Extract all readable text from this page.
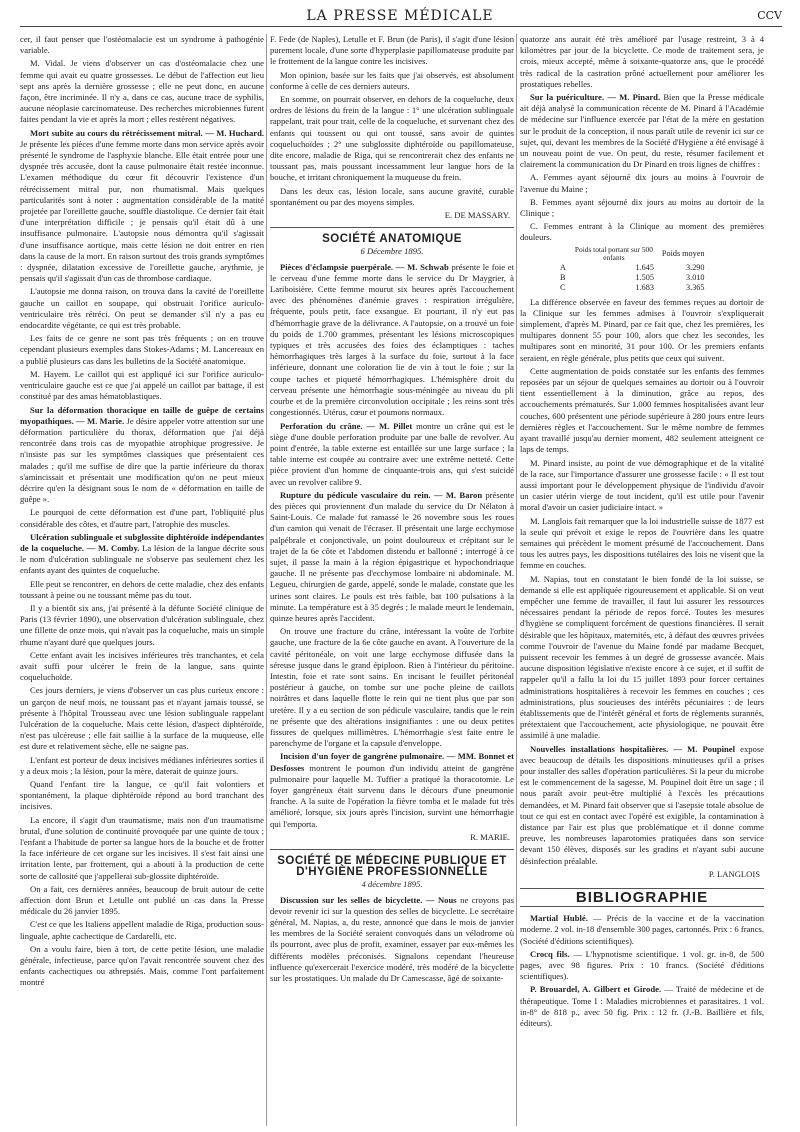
LA PRESSE MÉDICALE	CCV

cer, il faut penser que l'ostéomalacie est un syndrome à pathogénie variable.

M. Vidal. Je viens d'observer un cas d'ostéomalacie chez une femme qui avait eu quatre grossesses. Le début de l'affection eut lieu sept ans après la dernière grossesse ; elle ne peut donc, en aucune façon, être incriminée. Il n'y a, dans ce cas, aucune trace de syphilis, aucune néoplasie carcinomateuse. Des recherches microbiennes furent faites pendant la vie et après la mort ; elles restèrent négatives.

Mort subite au cours du rétrécissement mitral. — M. Huchard. Je présente les pièces d'une femme morte dans mon service après avoir présenté le syndrome de l'asphyxie blanche. Elle était entrée pour une dyspnée très accusée, dont la cause pulmonaire était restée inconnue. L'examen méthodique du cœur fit découvrir l'existence d'un rétrécissement mitral pur, non rhumatismal. Mais quelques particularités sont à noter : augmentation considérable de la matité projetée par l'oreillette gauche, souffle diastolique. Ce dernier fait était d'une interprétation difficile ; je pensais qu'il était dû à une insuffisance pulmonaire. L'autopsie nous démontra qu'il s'agissait d'une insuffisance aortique, mais cette lésion ne doit entrer en rien dans la cause de la mort. En raison surtout des trois grands symptômes : dyspnée, dilatation excessive de l'oreillette gauche, arythmie, je pensais qu'il s'agissait d'un cas de thrombose cardiaque.

L'autopsie me donna raison, on trouva dans la cavité de l'oreillette gauche un caillot en soupape, qui obstruait l'orifice auriculo-ventriculaire très rétréci. On peut se demander s'il n'y a pas eu endocardite végétante, ce qui est très probable.

Les faits de ce genre ne sont pas très fréquents ; on en trouve cependant plusieurs exemples dans Stokes-Adams ; M. Lancereaux en a publié plusieurs cas dans les bulletins de la Société anatomique.

M. Hayem. Le caillot qui est appliqué ici sur l'orifice auriculo-ventriculaire gauche est ce que j'ai appelé un caillot par battage, il est constitué par des amas hématoblastiques.

Sur la déformation thoracique en taille de guêpe de certains myopathiques. — M. Marie. Je désire appeler votre attention sur une déformation particulière du thorax, déformation que j'ai déjà rencontrée dans trois cas de myopathie atrophique progressive. Je n'insiste pas sur les symptômes classiques que présentaient ces malades ; qu'il me suffise de dire que la partie inférieure du thorax s'amincissait et présentait une modification qu'on ne peut mieux décrire qu'en la désignant sous le nom de « déformation en taille de guêpe ».

Le pourquoi de cette déformation est d'une part, l'obliquité plus considérable des côtes, et d'autre part, l'atrophie des muscles.

Ulcération sublinguale et subglossite diphtéroïde indépendantes de la coqueluche. — M. Comby. La lésion de la langue décrite sous le nom d'ulcération sublinguale ne s'observe pas seulement chez les enfants ayant des quintes de coqueluche.

Elle peut se rencontrer, en dehors de cette maladie, chez des enfants toussant à peine ou ne toussant même pas du tout.

Il y a bientôt six ans, j'ai présenté à la défunte Société clinique de Paris (13 février 1890), une observation d'ulcération sublinguale, chez une fillette de onze mois, qui n'avait pas la coqueluche, mais un simple rhume n'ayant duré que quelques jours.

Cette enfant avait les incisives inférieures très tranchantes, et cela avait suffi pour ulcérer le frein de la langue, sans quinte coqueluchoïde.

Ces jours derniers, je viens d'observer un cas plus curieux encore : un garçon de neuf mois, ne toussant pas et n'ayant jamais toussé, se présente à l'hôpital Trousseau avec une lésion sublinguale rappelant l'ulcération de la coqueluche. Mais cette lésion, d'aspect diphtéroïde, n'est pas ulcéreuse ; elle fait saillie à la surface de la muqueuse, elle est dure et relativement sèche, elle ne saigne pas.

L'enfant est porteur de deux incisives médianes inférieures sorties il y a deux mois ; la lésion, pour la mère, daterait de quinze jours.

Quand l'enfant tire la langue, ce qu'il fait volontiers et spontanément, la plaque diphtéroïde répond au bord tranchant des incisives.

La encore, il s'agit d'un traumatisme, mais non d'un traumatisme brutal, d'une solution de continuité provoquée par une quinte de toux ; l'enfant a l'habitude de porter sa langue hors de la bouche et de frotter la face inférieure de cet organe sur les incisives. Il s'est fait ainsi une irritation lente, par frottement, qui a abouti à la production de cette sorte de callosité que j'appellerai sub-glossite diphtéroïde.

On a fait, ces dernières années, beaucoup de bruit autour de cette affection dont Brun et Letulle ont publié un cas dans la Presse médicale du 26 janvier 1895.

C'est ce que les Italiens appellent maladie de Riga, production sous-linguale, aphte cachectique de Cardarelli, etc.

On a voulu faire, bien à tort, de cette petite lésion, une maladie générale, infectieuse, parce qu'on l'avait rencontrée souvent chez des enfants cachectiques ou athrepsiés. Mais, comme l'ont parfaitement montré

F. Fede (de Naples), Letulle et F. Brun (de Paris), il s'agit d'une lésion purement locale, d'une sorte d'hyperplasie papillomateuse produite par le frottement de la langue contre les incisives.

Mon opinion, basée sur les faits que j'ai observés, est absolument conforme à celle de ces derniers auteurs.

En somme, on pourrait observer, en dehors de la coqueluche, deux ordres de lésions du frein de la langue : 1° une ulcération sublinguale rappelant, trait pour trait, celle de la coqueluche, et survenant chez des enfants qui toussent ou qui ont toussé, sans avoir de quintes coqueluchoïdes ; 2° une subglossite diphtéroïde ou papillomateuse, dite encore, maladie de Riga, qui se rencontrerait chez des enfants ne toussant pas, mais poussant incessamment leur langue hors de la bouche, et irritant chroniquement la muqueuse du frein.

Dans les deux cas, lésion locale, sans aucune gravité, curable spontanément ou par des moyens simples.

E. DE MASSARY.
SOCIÉTÉ ANATOMIQUE
6 Décembre 1895.

Pièces d'éclampsie puerpérale. — M. Schwab présente le foie et le cerveau d'une femme morte dans le service du Dr Maygrier, à Lariboisière. Cette femme mourut six heures après l'accouchement avec des phénomènes d'anémie graves : respiration irrégulière, fréquente, pouls petit, face exsangue. Et pourtant, il n'y eut pas d'hémorrhagie grave de la délivrance. A l'autopsie, on a trouvé un foie du poids de 1.700 grammes, présentant les lésions microscopiques typiques et très accusées des foies des éclamptiques : taches hémorrhagiques très larges à la surface du foie, surtout à la face inférieure, donnant une coloration lie de vin à tout le foie ; sur la coupe taches et piqueté hémorrhagiques. L'hémisphère droit du cerveau présente une hémorrhagie sous-méningée au niveau du pli courbe et de la première circonvolution occipitale ; les reins sont très congestionnés. Utérus, cœur et poumons normaux.

Perforation du crâne. — M. Pillet montre un crâne qui est le siège d'une double perforation produite par une balle de revolver. Au point d'entrée, la table externe est entaillée sur une large surface ; la table interne est coupée au contraire avec une extrême netteté. Cette pièce provient d'un homme de cinquante-trois ans, qui s'est suicidé avec un revolver calibre 9.

Rupture du pédicule vasculaire du rein. — M. Baron présente des pièces qui proviennent d'un malade du service du Dr Nélaton à Saint-Louis. Ce malade fut ramassé le 26 novembre sous les roues d'un camion qui venait de l'écraser. Il présentait une large ecchymose palpébrale et conjonctivale, un point douloureux et crépitant sur le trajet de la 6e côte et l'abdomen distendu et ballonné ; interrogé à ce sujet, il passe la main à la région épigastrique et hypochondriaque gauche. Il ne présente pas d'ecchymose lombaire ni abdominale. M. Legueu, chirurgien de garde, appelé, sonde le malade, constate que les urines sont claires. Le pouls est très faible, bat 100 pulsations à la minute. La température est à 35 degrés ; le malade meurt le lendemain, quinze heures après l'accident.

On trouve une fracture du crâne, intéressant la voûte de l'orbite gauche, une fracture de la 6e côte gauche en avant. A l'ouverture de la cavité péritonéale, on voit une large ecchymose diffusée dans la séreuse jusque dans le grand épiploon. Rien à l'intérieur du péritoine. Intestin, foie et rate sont sains. En incisant le feuillet péritonéal postérieur à gauche, on tombe sur une poche pleine de caillots noirâtres et dans laquelle flotte le rein qui ne tient plus que par son uretère. Il y a eu section de son pédicule vasculaire, tandis que le rein ne présente que des altérations insignifiantes : une ou deux petites fissures de quelques millimètres. L'hémorrhagie s'est faite entre le parenchyme de l'organe et la capsule d'enveloppe.

Incision d'un foyer de gangrène pulmonaire. — MM. Bonnet et Desfosses montrent le poumon d'un individu atteint de gangrène pulmonaire pour laquelle M. Tuffier a pratiqué la thoracotomie. Le foyer gangréneux était survenu dans le décours d'une pneumonie franche. A la suite de l'opération la fièvre tomba et le malade fut très amélioré, lorsque, six jours après l'incision, survint une hémorrhagie qui l'emporta.

R. MARIE.
SOCIÉTÉ DE MÉDECINE PUBLIQUE ET D'HYGIÈNE PROFESSIONNELLE
4 décembre 1895.

Discussion sur les selles de bicyclette. — Nous ne croyons pas devoir revenir ici sur la question des selles de bicyclette. Le secrétaire général, M. Napias, a, du reste, annoncé que dans le mois de janvier les membres de la Société seraient convoqués dans un vélodrome où ils pourront, avec plus de profit, examiner, essayer par eux-mêmes les différents modèles préconisés. Signalons cependant l'heureuse influence qu'exercerait l'exercice modéré, très modéré de la bicyclette sur les prostatiques. Un malade du Dr Camescasse, âgé de soixante-

quatorze ans aurait été très amélioré par l'usage restreint, 3 à 4 kilomètres par jour de la bicyclette. Ce mode de traitement sera, je crois, mieux accepté, même à soixante-quatorze ans, que le procédé très radical de la castration prôné actuellement pour améliorer les prostatiques rebelles.

Sur la puériculture. — M. Pinard. Bien que la Presse médicale ait déjà analysé la communication récente de M. Pinard à l'Académie de médecine sur l'influence exercée par l'état de la mère en gestation sur le produit de la conception, il nous paraît utile de revenir ici sur ce sujet, qui, devant les membres de la Société d'Hygiène a été envisagé à un nouveau point de vue. On peut, du reste, résumer facilement et clairement la communication du Dr Pinard en trois lignes de chiffres :

A. Femmes ayant séjourné dix jours au moins à l'ouvroir de l'avenue du Maine ;

B. Femmes ayant séjourné dix jours au moins au dortoir de la Clinique ;

C. Femmes entrant à la Clinique au moment des premières douleurs.

	Poids total portant sur 500 enfants	Poids moyen
A	1.645	3.290
B	1.505	3.010
C	1.683	3.365

La différence observée en faveur des femmes reçues au dortoir de la Clinique sur les femmes admises à l'ouvroir s'expliquerait simplement, d'après M. Pinard, par ce fait que, chez les premières, les multipares donnent 55 pour 100, alors que chez les secondes, les multipares sont en minorité, 31 pour 100. Or les premiers enfants seraient, en règle générale, plus petits que ceux qui suivent.

Cette augmentation de poids constatée sur les enfants des femmes reposées par un séjour de quelques semaines au dortoir ou à l'ouvroir tient essentiellement à la diminution, grâce au repos, des accouchements prématurés. Sur 1.000 femmes hospitalisées avant leur couches, 600 présentent une période supérieure à 280 jours entre leurs dernières règles et l'accouchement. Sur le même nombre de femmes ayant travaillé jusqu'au dernier moment, 482 seulement atteignent ce laps de temps.

M. Pinard insiste, au point de vue démographique et de la vitalité de la race, sur l'importance d'assurer une grossesse facile : « Il est tout aussi important pour le développement physique de l'individu d'avoir un casier utérin vierge de tout incident, qu'il est utile pour l'avenir moral d'avoir un casier judiciaire intact. »

M. Langlois fait remarquer que la loi industrielle suisse de 1877 est la seule qui prévoit et exige le repos de l'ouvrière dans les quatre semaines qui précèdent le moment présumé de l'accouchement. Dans tous les autres pays, les dispositions tutélaires des lois ne visent que la femme en couches.

M. Napias, tout en constatant le bien fondé de la loi suisse, se demande si elle est appliquée rigoureusement et applicable. Si on veut empêcher une femme de travailler, il faut lui assurer les ressources nécessaires pendant la période de repos forcé. Toutes les mesures d'hygiène se compliquent forcément de questions financières. Il serait désirable que les hôpitaux, maternités, etc, à défaut des œuvres privées comme l'ouvroir de l'avenue du Maine fondé par madame Becquet, puissent recevoir les femmes à un degré de grossesse avancée. Mais aucune disposition législative n'existe encore à ce sujet, et il suffit de rappeler qu'il a fallu la loi du 15 juillet 1893 pour forcer certaines administrations hospitalières à recevoir les femmes en couches ; ces administrations, plus soucieuses des intérêts pécuniaires : de leurs établissements que de l'intérêt général et forts de règlements surannés, prétextaient que l'accouchement, acte physiologique, ne pouvait être assimilé à une maladie.

Nouvelles installations hospitalières. — M. Poupinel expose avec beaucoup de détails les dispositions minutieuses qu'il a prises pour installer des salles d'opération particulières. Si la peur du microbe est le commencement de la sagesse, M. Poupinel doit être un sage ; il nous paraît avoir peut-être multiplié à l'excès les précautions demandées, et M. Pinard fait observer que si l'asepsie totale absolue de tout ce qui est en contact avec l'opéré est exigible, la contamination à distance par l'air est plus que problématique et il donne comme preuve, les nombreuses laparotomies pratiquées dans son service devant 150 élèves, disposés sur les gradins et n'ayant subi aucune désinfection préalable.

P. LANGLOIS
BIBLIOGRAPHIE

Martial Hublé. — Précis de la vaccine et de la vaccination moderne. 2 vol. in-18 d'ensemble 300 pages, cartonnés. Prix : 6 francs. (Société d'éditions scientifiques).

Crocq fils. — L'hypnotisme scientifique. 1 vol. gr. in-8, de 500 pages, avec 98 figures. Prix : 10 francs. (Société d'éditions scientifiques).

P. Brouardel, A. Gilbert et Girode. — Traité de médecine et de thérapeutique. Tome I : Maladies microbiennes et parasitaires. 1 vol. in-8° de 818 p., avec 50 fig. Prix : 12 fr. (J.-B. Baillière et fils, éditeurs).
